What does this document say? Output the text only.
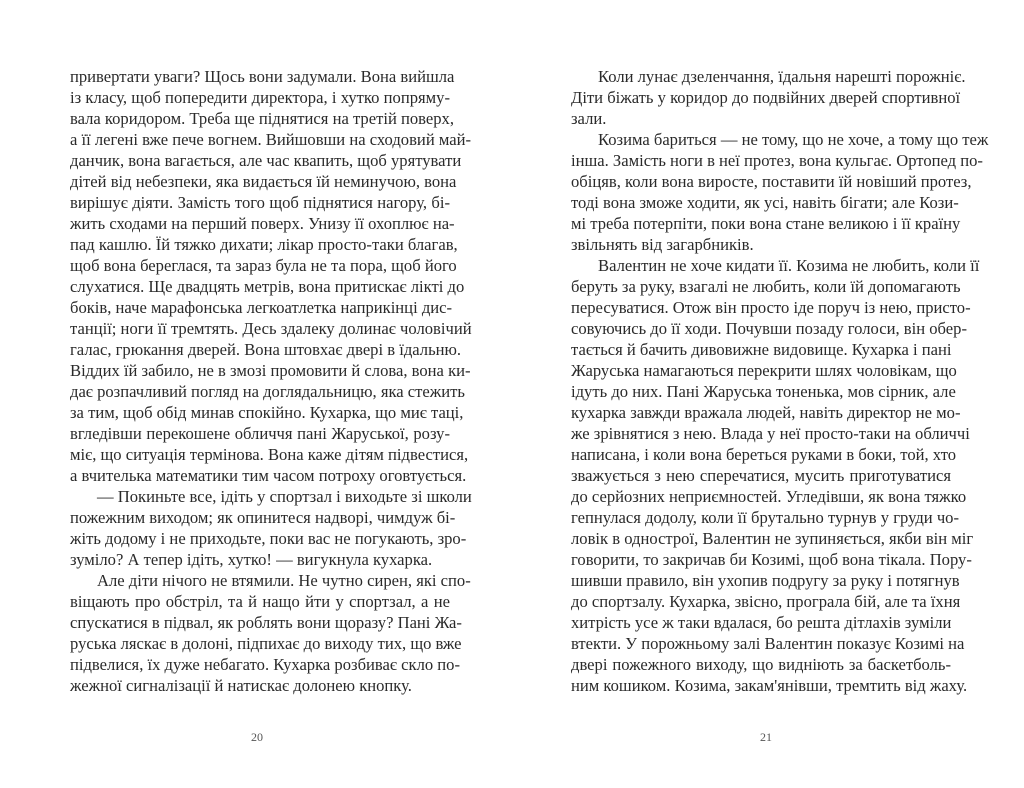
привертати уваги? Щось вони задумали. Вона вийшла
із класу, щоб попередити директора, і хутко попряму-
вала коридором. Треба ще піднятися на третій поверх,
а її легені вже пече вогнем. Вийшовши на сходовий май-
данчик, вона вагається, але час квапить, щоб урятувати
дітей від небезпеки, яка видається їй неминучою, вона
вирішує діяти. Замість того щоб піднятися нагору, бі-
жить сходами на перший поверх. Унизу її охоплює на-
пад кашлю. Їй тяжко дихати; лікар просто-таки благав,
щоб вона береглася, та зараз була не та пора, щоб його
слухатися. Ще двадцять метрів, вона притискає лікті до
боків, наче марафонська легкоатлетка наприкінці дис-
танції; ноги її тремтять. Десь здалеку долинає чоловічий
галас, грюкання дверей. Вона штовхає двері в їдальню.
Віддих їй забило, не в змозі промовити й слова, вона ки-
дає розпачливий погляд на доглядальницю, яка стежить
за тим, щоб обід минав спокійно. Кухарка, що миє таці,
вгледівши перекошене обличчя пані Жаруської, розу-
міє, що ситуація термінова. Вона каже дітям підвестися,
а вчителька математики тим часом потроху оговтується.
— Покиньте все, ідіть у спортзал і виходьте зі школи
пожежним виходом; як опинитеся надворі, чимдуж бі-
жіть додому і не приходьте, поки вас не погукають, зро-
зуміло? А тепер ідіть, хутко! — вигукнула кухарка.
Але діти нічого не втямили. Не чутно сирен, які спо-
віщають про обстріл, та й нащо йти у спортзал, а не
спускатися в підвал, як роблять вони щоразу? Пані Жа-
руська ляскає в долоні, підпихає до виходу тих, що вже
підвелися, їх дуже небагато. Кухарка розбиває скло по-
жежної сигналізації й натискає долонею кнопку.
Коли лунає дзеленчання, їдальня нарешті порожніє.
Діти біжать у коридор до подвійних дверей спортивної
зали.
Козима бариться — не тому, що не хоче, а тому що теж
інша. Замість ноги в неї протез, вона кульгає. Ортопед по-
обіцяв, коли вона виросте, поставити їй новіший протез,
тоді вона зможе ходити, як усі, навіть бігати; але Кози-
мі треба потерпіти, поки вона стане великою і її країну
звільнять від загарбників.
Валентин не хоче кидати її. Козима не любить, коли її
беруть за руку, взагалі не любить, коли їй допомагають
пересуватися. Отож він просто іде поруч із нею, присто-
совуючись до її ходи. Почувши позаду голоси, він обер-
тається й бачить дивовижне видовище. Кухарка і пані
Жаруська намагаються перекрити шлях чоловікам, що
ідуть до них. Пані Жаруська тоненька, мов сірник, але
кухарка завжди вражала людей, навіть директор не мо-
же зрівнятися з нею. Влада у неї просто-таки на обличчі
написана, і коли вона береться руками в боки, той, хто
зважується з нею сперечатися, мусить приготуватися
до серйозних неприємностей. Угледівши, як вона тяжко
гепнулася додолу, коли її брутально турнув у груди чо-
ловік в однострої, Валентин не зупиняється, якби він міг
говорити, то закричав би Козимі, щоб вона тікала. Пору-
шивши правило, він ухопив подругу за руку і потягнув
до спортзалу. Кухарка, звісно, програла бій, але та їхня
хитрість усе ж таки вдалася, бо решта дітлахів зуміли
втекти. У порожньому залі Валентин показує Козимі на
двері пожежного виходу, що видніють за баскетболь-
ним кошиком. Козима, закам'янівши, тремтить від жаху.
20	21
